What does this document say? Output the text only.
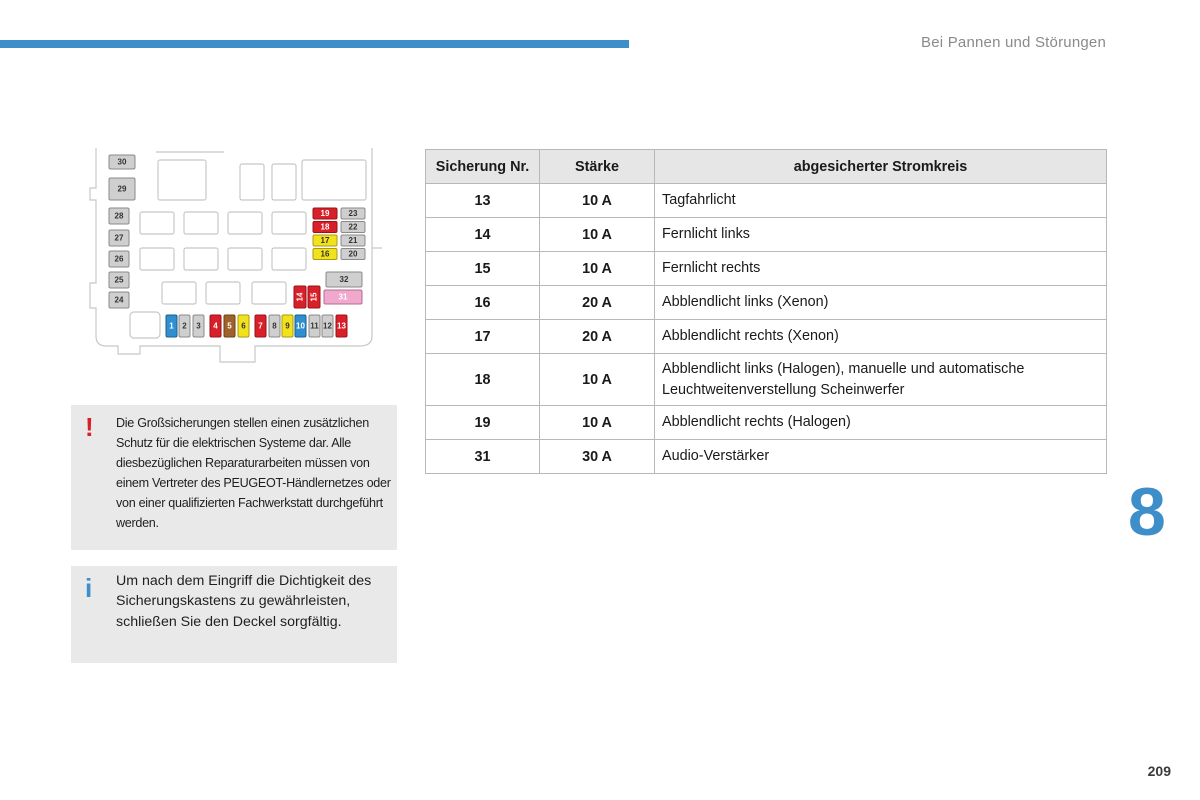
Bei Pannen und Störungen
30
29
28
27
26
25
24
19 23
18 22
17 21
16 20
32
31
14 15
1 2 3 4 5 6 7 8 9 10 11 12 13
! Die Großsicherungen stellen einen zusätzlichen Schutz für die elektrischen Systeme dar. Alle diesbezüglichen Reparaturarbeiten müssen von einem Vertreter des PEUGEOT-Händlernetzes oder von einer qualifizierten Fachwerkstatt durchgeführt werden.
i Um nach dem Eingriff die Dichtigkeit des Sicherungskastens zu gewährleisten, schließen Sie den Deckel sorgfältig.
Sicherung Nr.	Stärke	abgesicherter Stromkreis
13	10 A	Tagfahrlicht
14	10 A	Fernlicht links
15	10 A	Fernlicht rechts
16	20 A	Abblendlicht links (Xenon)
17	20 A	Abblendlicht rechts (Xenon)
18	10 A	Abblendlicht links (Halogen), manuelle und automatische Leuchtweitenverstellung Scheinwerfer
19	10 A	Abblendlicht rechts (Halogen)
31	30 A	Audio-Verstärker
8
209
